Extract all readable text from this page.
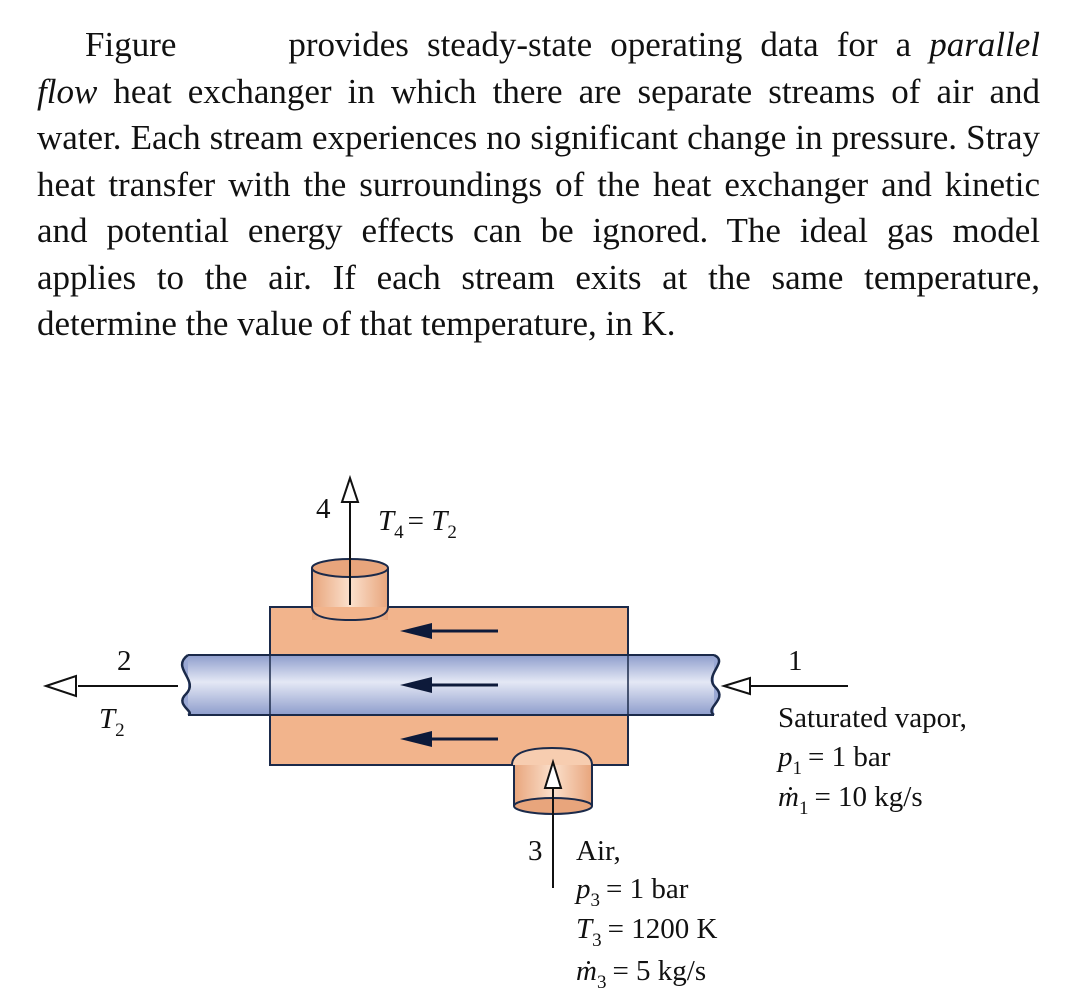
Figure	provides steady-state operating data for a parallel flow heat exchanger in which there are separate streams of air and water. Each stream experiences no significant change in pressure. Stray heat transfer with the surroundings of the heat exchanger and kinetic and potential energy effects can be ignored. The ideal gas model applies to the air. If each stream exits at the same temperature, determine the value of that temperature, in K.
4 $T_4 = T_2$
2
$T_2$
1
Saturated vapor,
$p_1 = 1$ bar
ṁ$_1$ = 10 kg/s
3 Air,
$p_3 = 1$ bar
$T_3 = 1200$ K
ṁ$_3$ = 5 kg/s
